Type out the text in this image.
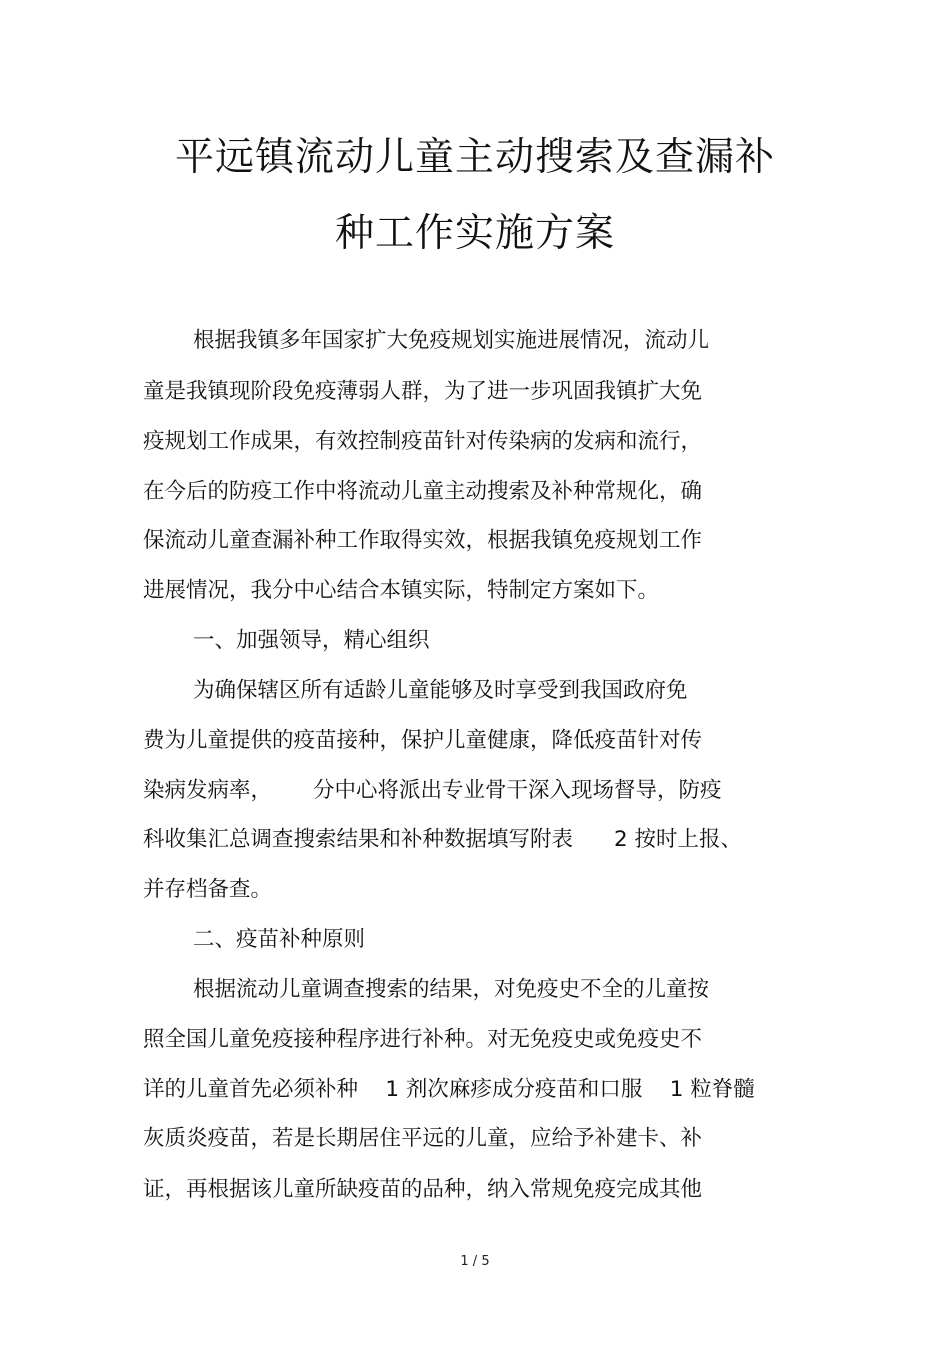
平远镇流动儿童主动搜索及查漏补
种工作实施方案
根据我镇多年国家扩大免疫规划实施进展情况，流动儿
童是我镇现阶段免疫薄弱人群，为了进一步巩固我镇扩大免
疫规划工作成果，有效控制疫苗针对传染病的发病和流行，
在今后的防疫工作中将流动儿童主动搜索及补种常规化，确
保流动儿童查漏补种工作取得实效，根据我镇免疫规划工作
进展情况，我分中心结合本镇实际，特制定方案如下。
一、加强领导，精心组织
为确保辖区所有适龄儿童能够及时享受到我国政府免
费为儿童提供的疫苗接种，保护儿童健康，降低疫苗针对传
染病发病率，      分中心将派出专业骨干深入现场督导，防疫
科收集汇总调查搜索结果和补种数据填写附表      2 按时上报、
并存档备查。
二、疫苗补种原则
根据流动儿童调查搜索的结果，对免疫史不全的儿童按
照全国儿童免疫接种程序进行补种。对无免疫史或免疫史不
详的儿童首先必须补种    1 剂次麻疹成分疫苗和口服    1 粒脊髓
灰质炎疫苗，若是长期居住平远的儿童，应给予补建卡、补
证，再根据该儿童所缺疫苗的品种，纳入常规免疫完成其他
1 / 5
